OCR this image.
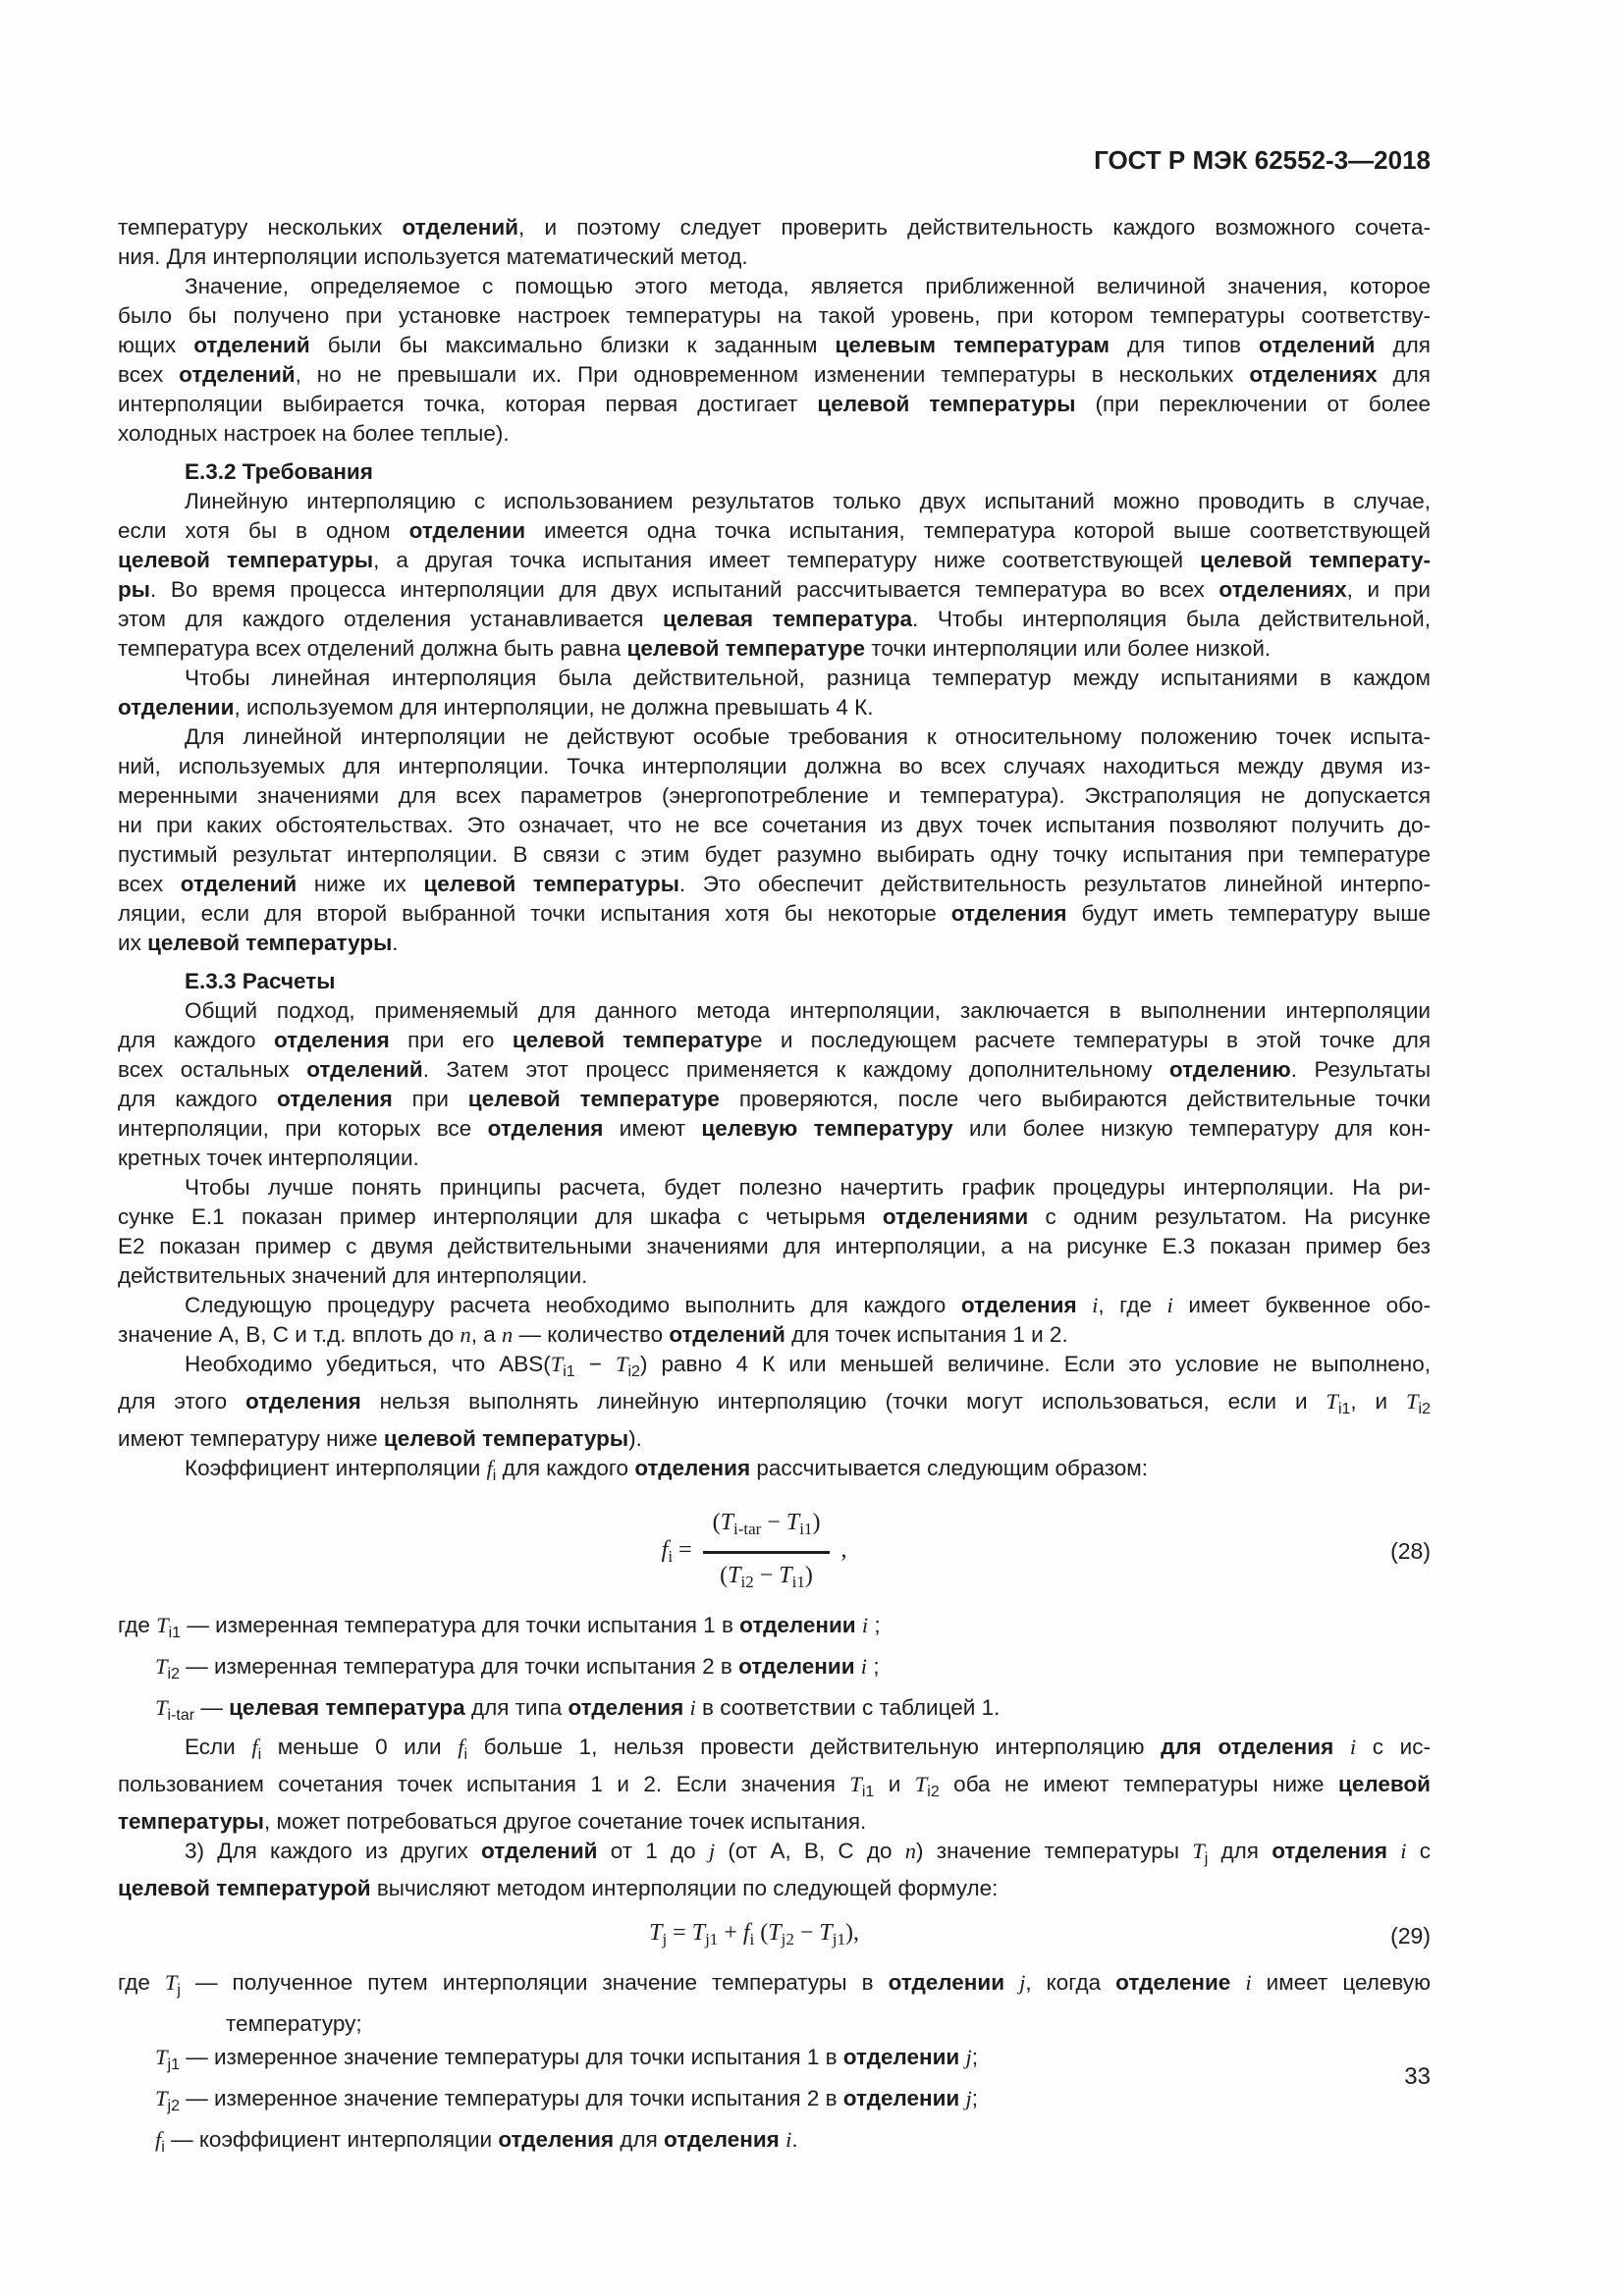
ГОСТ Р МЭК 62552-3—2018
температуру нескольких отделений, и поэтому следует проверить действительность каждого возможного сочета-
ния. Для интерполяции используется математический метод.
Значение, определяемое с помощью этого метода, является приближенной величиной значения, которое
было бы получено при установке настроек температуры на такой уровень, при котором температуры соответству-
ющих отделений были бы максимально близки к заданным целевым температурам для типов отделений для
всех отделений, но не превышали их. При одновременном изменении температуры в нескольких отделениях для
интерполяции выбирается точка, которая первая достигает целевой температуры (при переключении от более
холодных настроек на более теплые).
Е.3.2 Требования
Линейную интерполяцию с использованием результатов только двух испытаний можно проводить в случае,
если хотя бы в одном отделении имеется одна точка испытания, температура которой выше соответствующей
целевой температуры, а другая точка испытания имеет температуру ниже соответствующей целевой температу-
ры. Во время процесса интерполяции для двух испытаний рассчитывается температура во всех отделениях, и при
этом для каждого отделения устанавливается целевая температура. Чтобы интерполяция была действительной,
температура всех отделений должна быть равна целевой температуре точки интерполяции или более низкой.
Чтобы линейная интерполяция была действительной, разница температур между испытаниями в каждом
отделении, используемом для интерполяции, не должна превышать 4 К.
Для линейной интерполяции не действуют особые требования к относительному положению точек испыта-
ний, используемых для интерполяции. Точка интерполяции должна во всех случаях находиться между двумя из-
меренными значениями для всех параметров (энергопотребление и температура). Экстраполяция не допускается
ни при каких обстоятельствах. Это означает, что не все сочетания из двух точек испытания позволяют получить до-
пустимый результат интерполяции. В связи с этим будет разумно выбирать одну точку испытания при температуре
всех отделений ниже их целевой температуры. Это обеспечит действительность результатов линейной интерпо-
ляции, если для второй выбранной точки испытания хотя бы некоторые отделения будут иметь температуру выше
их целевой температуры.
Е.3.3 Расчеты
Общий подход, применяемый для данного метода интерполяции, заключается в выполнении интерполяции
для каждого отделения при его целевой температуре и последующем расчете температуры в этой точке для
всех остальных отделений. Затем этот процесс применяется к каждому дополнительному отделению. Результаты
для каждого отделения при целевой температуре проверяются, после чего выбираются действительные точки
интерполяции, при которых все отделения имеют целевую температуру или более низкую температуру для кон-
кретных точек интерполяции.
Чтобы лучше понять принципы расчета, будет полезно начертить график процедуры интерполяции. На ри-
сунке Е.1 показан пример интерполяции для шкафа с четырьмя отделениями с одним результатом. На рисунке
Е2 показан пример с двумя действительными значениями для интерполяции, а на рисунке Е.3 показан пример без
действительных значений для интерполяции.
Следующую процедуру расчета необходимо выполнить для каждого отделения i, где i имеет буквенное обо-
значение А, В, С и т.д. вплоть до n, а n — количество отделений для точек испытания 1 и 2.
Необходимо убедиться, что $ABS(T_{i1} - T_{i2})$ равно 4 К или меньшей величине. Если это условие не выполнено,
для этого отделения нельзя выполнять линейную интерполяцию (точки могут использоваться, если и $T_{i1}$, и $T_{i2}$
имеют температуру ниже целевой температуры).
Коэффициент интерполяции $f_i$ для каждого отделения рассчитывается следующим образом:
$f_i = \frac{(T_{i-tar} - T_{i1})}{(T_{i2} - T_{i1})}$ ,	(28)
где $T_{i1}$ — измеренная температура для точки испытания 1 в отделении i ;
$T_{i2}$ — измеренная температура для точки испытания 2 в отделении i ;
$T_{i-tar}$ — целевая температура для типа отделения i в соответствии с таблицей 1.
Если $f_i$ меньше 0 или $f_i$ больше 1, нельзя провести действительную интерполяцию для отделения i с ис-
пользованием сочетания точек испытания 1 и 2. Если значения $T_{i1}$ и $T_{i2}$ оба не имеют температуры ниже целевой
температуры, может потребоваться другое сочетание точек испытания.
3) Для каждого из других отделений от 1 до j (от А, В, С до n) значение температуры $T_j$ для отделения i с
целевой температурой вычисляют методом интерполяции по следующей формуле:
$T_j = T_{j1} + f_i$ $(T_{j2} - T_{j1})$,	(29)
где $T_j$ — полученное путем интерполяции значение температуры в отделении j, когда отделение i имеет целевую
температуру;
$T_{j1}$ — измеренное значение температуры для точки испытания 1 в отделении j;
$T_{j2}$ — измеренное значение температуры для точки испытания 2 в отделении j;
$f_i$ — коэффициент интерполяции отделения для отделения i.
33
